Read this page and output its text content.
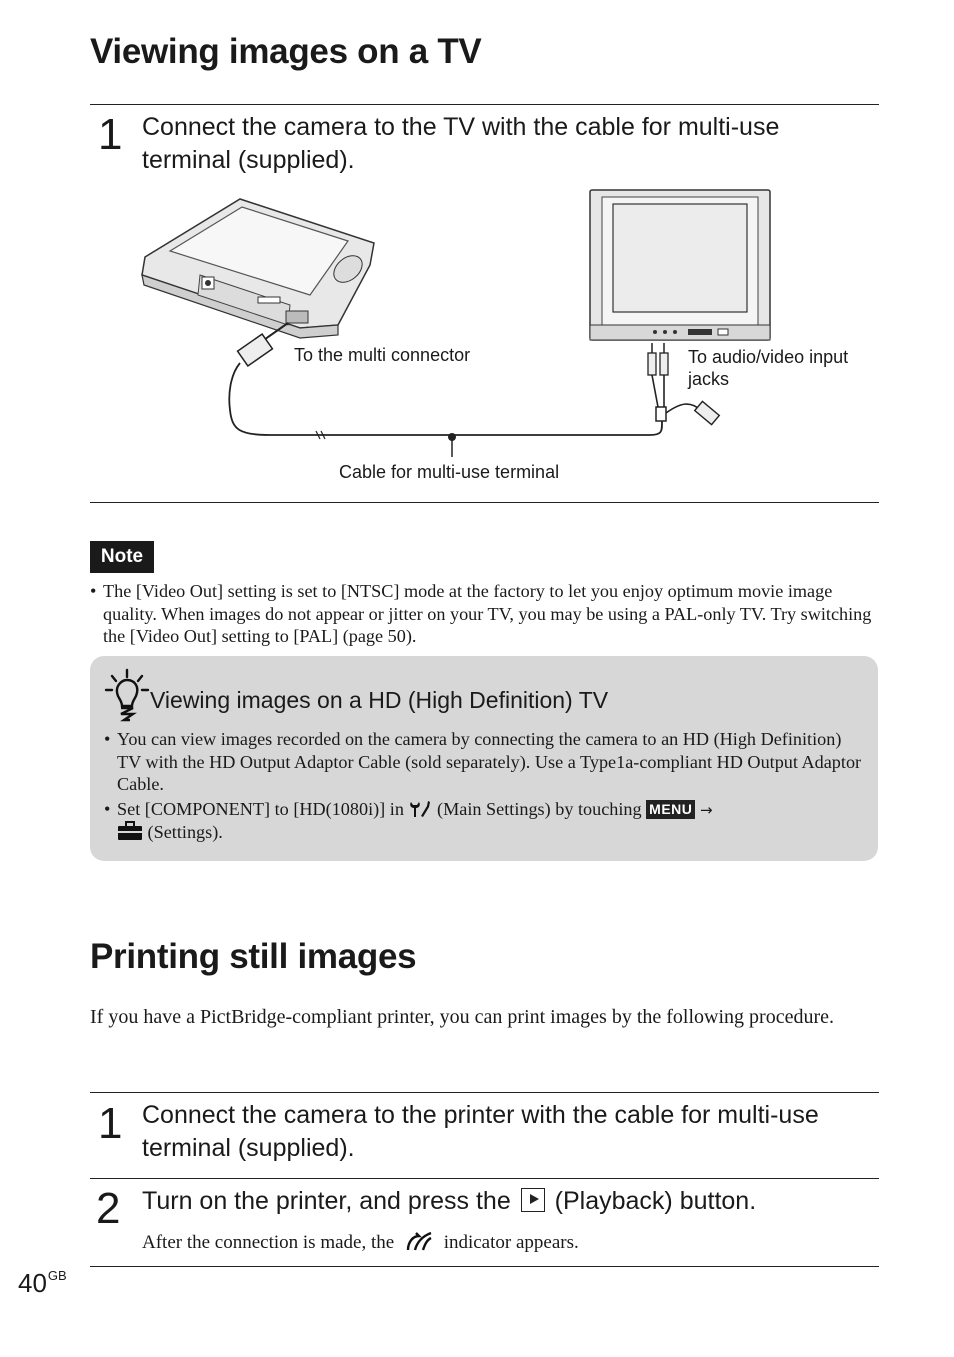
Viewing images on a TV
1 Connect the camera to the TV with the cable for multi-use terminal (supplied).
To the multi connector	To audio/video input jacks
Cable for multi-use terminal
Note
• The [Video Out] setting is set to [NTSC] mode at the factory to let you enjoy optimum movie image quality. When images do not appear or jitter on your TV, you may be using a PAL-only TV. Try switching the [Video Out] setting to [PAL] (page 50).
Viewing images on a HD (High Definition) TV
• You can view images recorded on the camera by connecting the camera to an HD (High Definition) TV with the HD Output Adaptor Cable (sold separately). Use a Type1a-compliant HD Output Adaptor Cable.
• Set [COMPONENT] to [HD(1080i)] in (Main Settings) by touching MENU →
(Settings).
Printing still images
If you have a PictBridge-compliant printer, you can print images by the following procedure.
1 Connect the camera to the printer with the cable for multi-use terminal (supplied).
2 Turn on the printer, and press the (Playback) button.
After the connection is made, the	indicator appears.
$40^{GB}$
